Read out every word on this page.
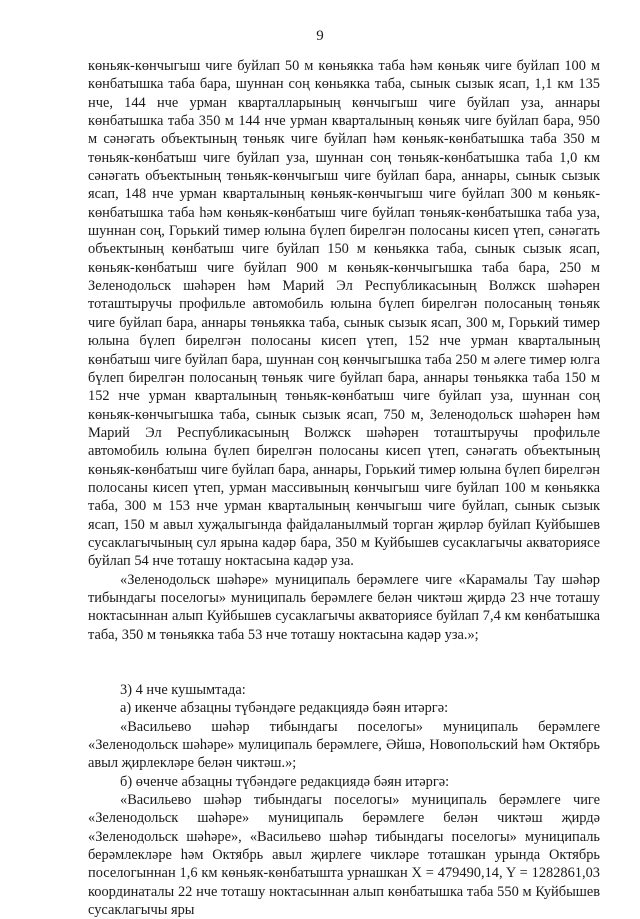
9

көньяк-көнчыгыш чиге буйлап 50 м көньякка таба һәм көньяк чиге буйлап 100 м көнбатышка таба бара, шуннан соң көньякка таба, сынык сызык ясап, 1,1 км 135 нче, 144 нче урман кварталларының көнчыгыш чиге буйлап уза, аннары көнбатышка таба 350 м 144 нче урман кварталының көньяк чиге буйлап бара, 950 м сәнәгать объектының төньяк чиге буйлап һәм көньяк-көнбатышка таба 350 м төньяк-көнбатыш чиге буйлап уза, шуннан соң төньяк-көнбатышка таба 1,0 км сәнәгать объектының төньяк-көнчыгыш чиге буйлап бара, аннары, сынык сызык ясап, 148 нче урман кварталының көньяк-көнчыгыш чиге буйлап 300 м көньяк-көнбатышка таба һәм көньяк-көнбатыш чиге буйлап төньяк-көнбатышка таба уза, шуннан соң, Горький тимер юлына бүлеп бирелгән полосаны кисеп үтеп, сәнәгать объектының көнбатыш чиге буйлап 150 м көньякка таба, сынык сызык ясап, көньяк-көнбатыш чиге буйлап 900 м көньяк-көнчыгышка таба бара, 250 м Зеленодольск шәһәрен һәм Марий Эл Республикасының Волжск шәһәрен тоташтыручы профильле автомобиль юлына бүлеп бирелгән полосаның төньяк чиге буйлап бара, аннары төньякка таба, сынык сызык ясап, 300 м, Горький тимер юлына бүлеп бирелгән полосаны кисеп үтеп, 152 нче урман кварталының көнбатыш чиге буйлап бара, шуннан соң көнчыгышка таба 250 м әлеге тимер юлга бүлеп бирелгән полосаның төньяк чиге буйлап бара, аннары төньякка таба 150 м 152 нче урман кварталының төньяк-көнбатыш чиге буйлап уза, шуннан соң көньяк-көнчыгышка таба, сынык сызык ясап, 750 м, Зеленодольск шәһәрен һәм Марий Эл Республикасының Волжск шәһәрен тоташтыручы профильле автомобиль юлына бүлеп бирелгән полосаны кисеп үтеп, сәнәгать объектының көньяк-көнбатыш чиге буйлап бара, аннары, Горький тимер юлына бүлеп бирелгән полосаны кисеп үтеп, урман массивының көнчыгыш чиге буйлап 100 м көньякка таба, 300 м 153 нче урман кварталының көнчыгыш чиге буйлап, сынык сызык ясап, 150 м авыл хуҗалыгында файдаланылмый торган җирләр буйлап Куйбышев сусаклагычының сул ярына кадәр бара, 350 м Куйбышев сусаклагычы акваториясе буйлап 54 нче тоташу ноктасына кадәр уза.

«Зеленодольск шәһәре» муниципаль берәмлеге чиге «Карамалы Тау шәһәр тибындагы поселогы» муниципаль берәмлеге белән чиктәш җирдә 23 нче тоташу ноктасыннан алып Куйбышев сусаклагычы акваториясе буйлап 7,4 км көнбатышка таба, 350 м төньякка таба 53 нче тоташу ноктасына кадәр уза.»;

3) 4 нче кушымтада:

а) икенче абзацны түбәндәге редакциядә бәян итәргә:

«Васильево шәһәр тибындагы поселогы» муниципаль берәмлеге «Зеленодольск шәһәре» мулиципаль берәмлеге, Әйшә, Новопольский һәм Октябрь авыл җирлекләре белән чиктәш.»;

б) өченче абзацны түбәндәге редакциядә бәян итәргә:

«Васильево шәһәр тибындагы поселогы» муниципаль берәмлеге чиге «Зеленодольск шәһәре» муниципаль берәмлеге белән чиктәш җирдә «Зеленодольск шәһәре», «Васильево шәһәр тибындагы поселогы» муниципаль берәмлекләре һәм Октябрь авыл җирлеге чикләре тоташкан урында Октябрь поселогыннан 1,6 км көньяк-көнбатышта урнашкан X = 479490,14, Y = 1282861,03 координаталы 22 нче тоташу ноктасыннан алып көнбатышка таба 550 м Куйбышев сусаклагычы яры
